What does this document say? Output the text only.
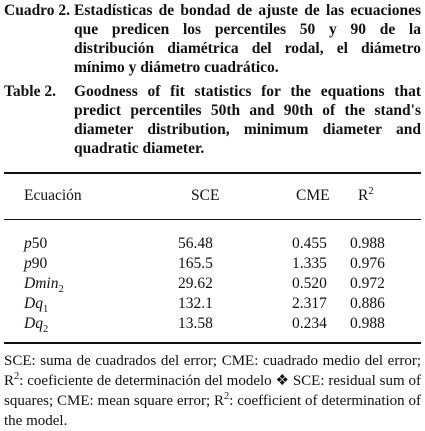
Cuadro 2. Estadísticas de bondad de ajuste de las ecuaciones que predicen los percentiles 50 y 90 de la distribución diamétrica del rodal, el diámetro mínimo y diámetro cuadrático.
Table 2. Goodness of fit statistics for the equations that predict percentiles 50th and 90th of the stand's diameter distribution, minimum diameter and quadratic diameter.
Ecuación	SCE	CME $R^2$
p50	56.48	0.455 0.988
p90	165.5	1.335 0.976
Dmin$_2$	29.62	0.520 0.972
$Dq_1$	132.1	2.317 0.886
$Dq_2$	13.58	0.234 0.988
SCE: suma de cuadrados del error; CME: cuadrado medio del error; $R^2$: coeficiente de determinación del modelo ❖ SCE: residual sum of squares; CME: mean square error; $R^2$: coefficient of determination of the model.
